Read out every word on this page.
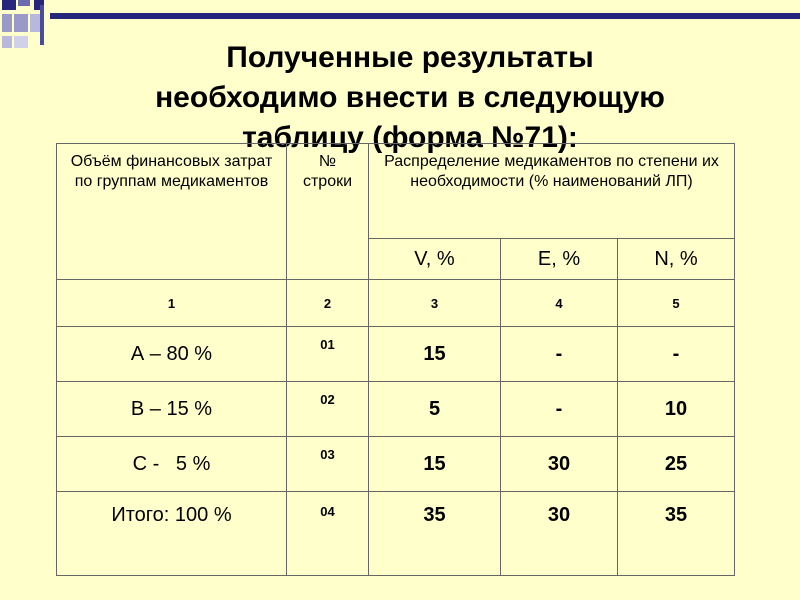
Полученные результаты
необходимо внести в следующую
таблицу (форма №71):
Объём финансовых затрат по группам медикаментов	№ строки	Распределение медикаментов по степени их необходимости (% наименований ЛП)		
		V, %	E, %	N, %
1	2	3	4	5
А – 80 %	01	15	-	-
В – 15 %	02	5	-	10
С -   5 %	03	15	30	25
Итого: 100 %	04	35	30	35
